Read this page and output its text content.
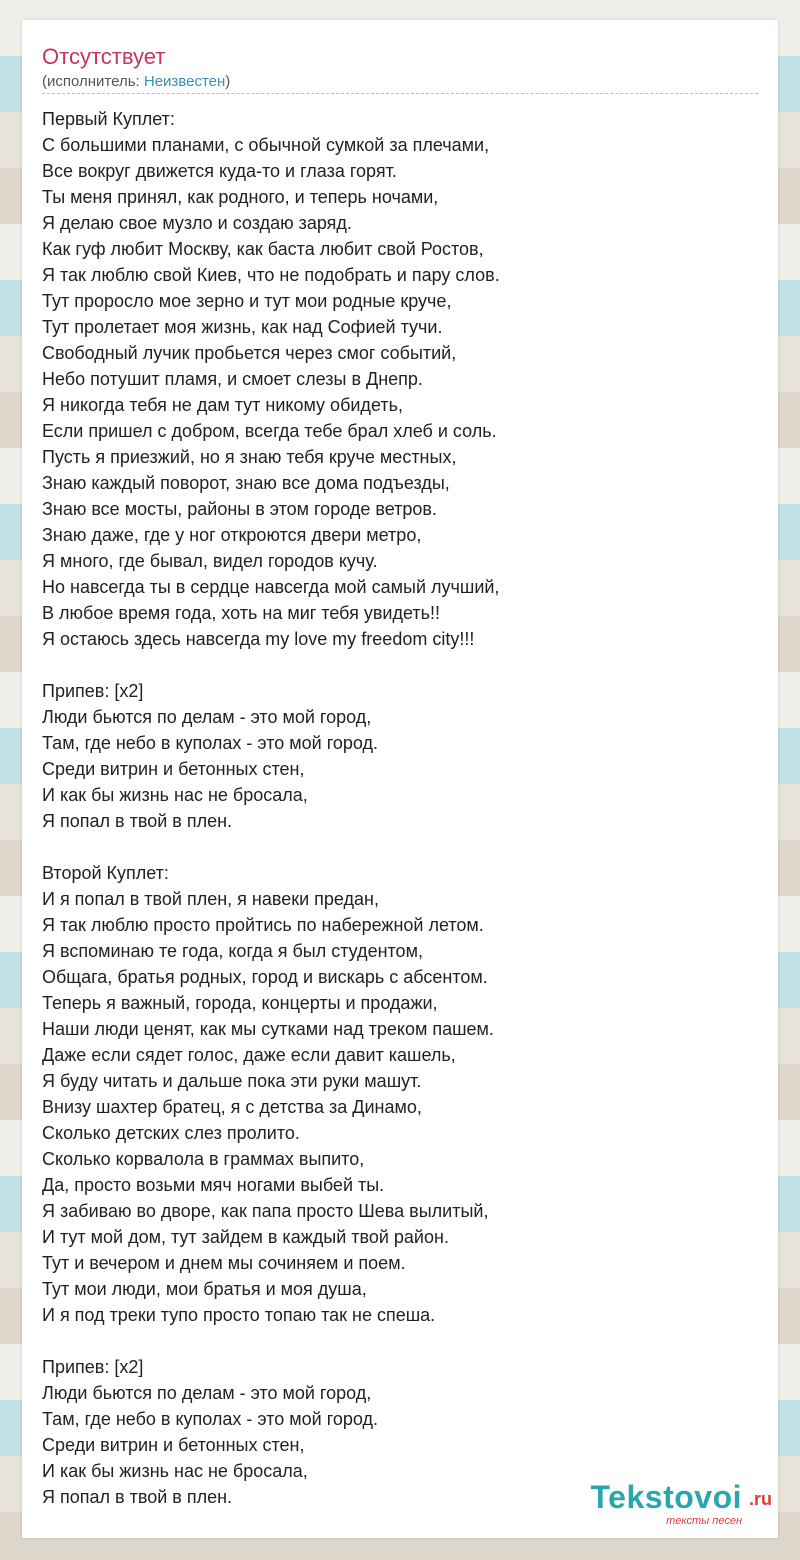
Отсутствует
(исполнитель: Неизвестен)
Первый Куплет:
С большими планами, с обычной сумкой за плечами,
Все вокруг движется куда-то и глаза горят.
Ты меня принял, как родного, и теперь ночами,
Я делаю свое музло и создаю заряд.
Как гуф любит Москву, как баста любит свой Ростов,
Я так люблю свой Киев, что не подобрать и пару слов.
Тут проросло мое зерно и тут мои родные круче,
Тут пролетает моя жизнь, как над Софией тучи.
Свободный лучик пробьется через смог событий,
Небо потушит пламя, и смоет слезы в Днепр.
Я никогда тебя не дам тут никому обидеть,
Если пришел с добром, всегда тебе брал хлеб и соль.
Пусть я приезжий, но я знаю тебя круче местных,
Знаю каждый поворот, знаю все дома подъезды,
Знаю все мосты, районы в этом городе ветров.
Знаю даже, где у ног откроются двери метро,
Я много, где бывал, видел городов кучу.
Но навсегда ты в сердце навсегда мой самый лучший,
В любое время года, хоть на миг тебя увидеть!!
Я остаюсь здесь навсегда my love my freedom city!!!
Припев: [x2]
Люди бьются по делам - это мой город,
Там, где небо в куполах - это мой город.
Среди витрин и бетонных стен,
И как бы жизнь нас не бросала,
Я попал в твой в плен.
Второй Куплет:
И я попал в твой плен, я навеки предан,
Я так люблю просто пройтись по набережной летом.
Я вспоминаю те года, когда я был студентом,
Общага, братья родных, город и вискарь с абсентом.
Теперь я важный, города, концерты и продажи,
Наши люди ценят, как мы сутками над треком пашем.
Даже если сядет голос, даже если давит кашель,
Я буду читать и дальше пока эти руки машут.
Внизу шахтер братец, я с детства за Динамо,
Сколько детских слез пролито.
Сколько корвалола в граммах выпито,
Да, просто возьми мяч ногами выбей ты.
Я забиваю во дворе, как папа просто Шева вылитый,
И тут мой дом, тут зайдем в каждый твой район.
Тут и вечером и днем мы сочиняем и поем.
Тут мои люди, мои братья и моя душа,
И я под треки тупо просто топаю так не спеша.
Припев: [x2]
Люди бьются по делам - это мой город,
Там, где небо в куполах - это мой город.
Среди витрин и бетонных стен,
И как бы жизнь нас не бросала,
Я попал в твой в плен.	Tekstovoi .ru
тексты песен
